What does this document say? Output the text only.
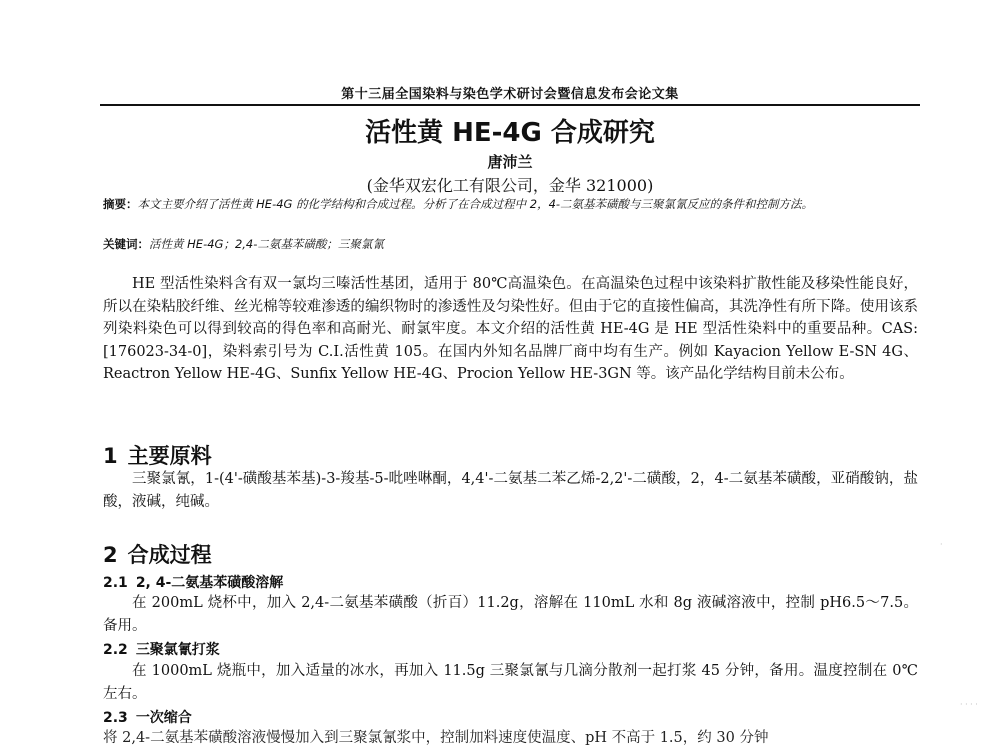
第十三届全国染料与染色学术研讨会暨信息发布会论文集
活性黄 HE-4G 合成研究
唐沛兰
(金华双宏化工有限公司，金华 321000)
摘要：本文主要介绍了活性黄 HE-4G 的化学结构和合成过程。分析了在合成过程中 2，4-二氨基苯磺酸与三聚氯氰反应的条件和控制方法。
关键词：活性黄 HE-4G；2,4-二氨基苯磺酸；三聚氯氰
HE 型活性染料含有双一氯均三嗪活性基团，适用于 80℃高温染色。在高温染色过程中该染料扩散性能及移染性能良好，所以在染粘胶纤维、丝光棉等较难渗透的编织物时的渗透性及匀染性好。但由于它的直接性偏高，其洗净性有所下降。使用该系列染料染色可以得到较高的得色率和高耐光、耐氯牢度。本文介绍的活性黄 HE-4G 是 HE 型活性染料中的重要品种。CAS: [176023-34-0]，染料索引号为 C.I.活性黄 105。在国内外知名品牌厂商中均有生产。例如 Kayacion Yellow E-SN 4G、Reactron Yellow HE-4G、Sunfix Yellow HE-4G、Procion Yellow HE-3GN 等。该产品化学结构目前未公布。
1 主要原料
三聚氯氰，1-(4'-磺酸基苯基)-3-羧基-5-吡唑啉酮，4,4'-二氨基二苯乙烯-2,2'-二磺酸，2，4-二氨基苯磺酸，亚硝酸钠，盐酸，液碱，纯碱。
2 合成过程
2.1 2, 4-二氨基苯磺酸溶解
在 200mL 烧杯中，加入 2,4-二氨基苯磺酸（折百）11.2g，溶解在 110mL 水和 8g 液碱溶液中，控制 pH6.5～7.5。备用。
2.2 三聚氯氰打浆
在 1000mL 烧瓶中，加入适量的冰水，再加入 11.5g 三聚氯氰与几滴分散剂一起打浆 45 分钟，备用。温度控制在 0℃左右。
2.3 一次缩合
将 2,4-二氨基苯磺酸溶液慢慢加入到三聚氯氰浆中，控制加料速度使温度、pH 不高于 1.5，约 30 分钟
·
· · · ·
